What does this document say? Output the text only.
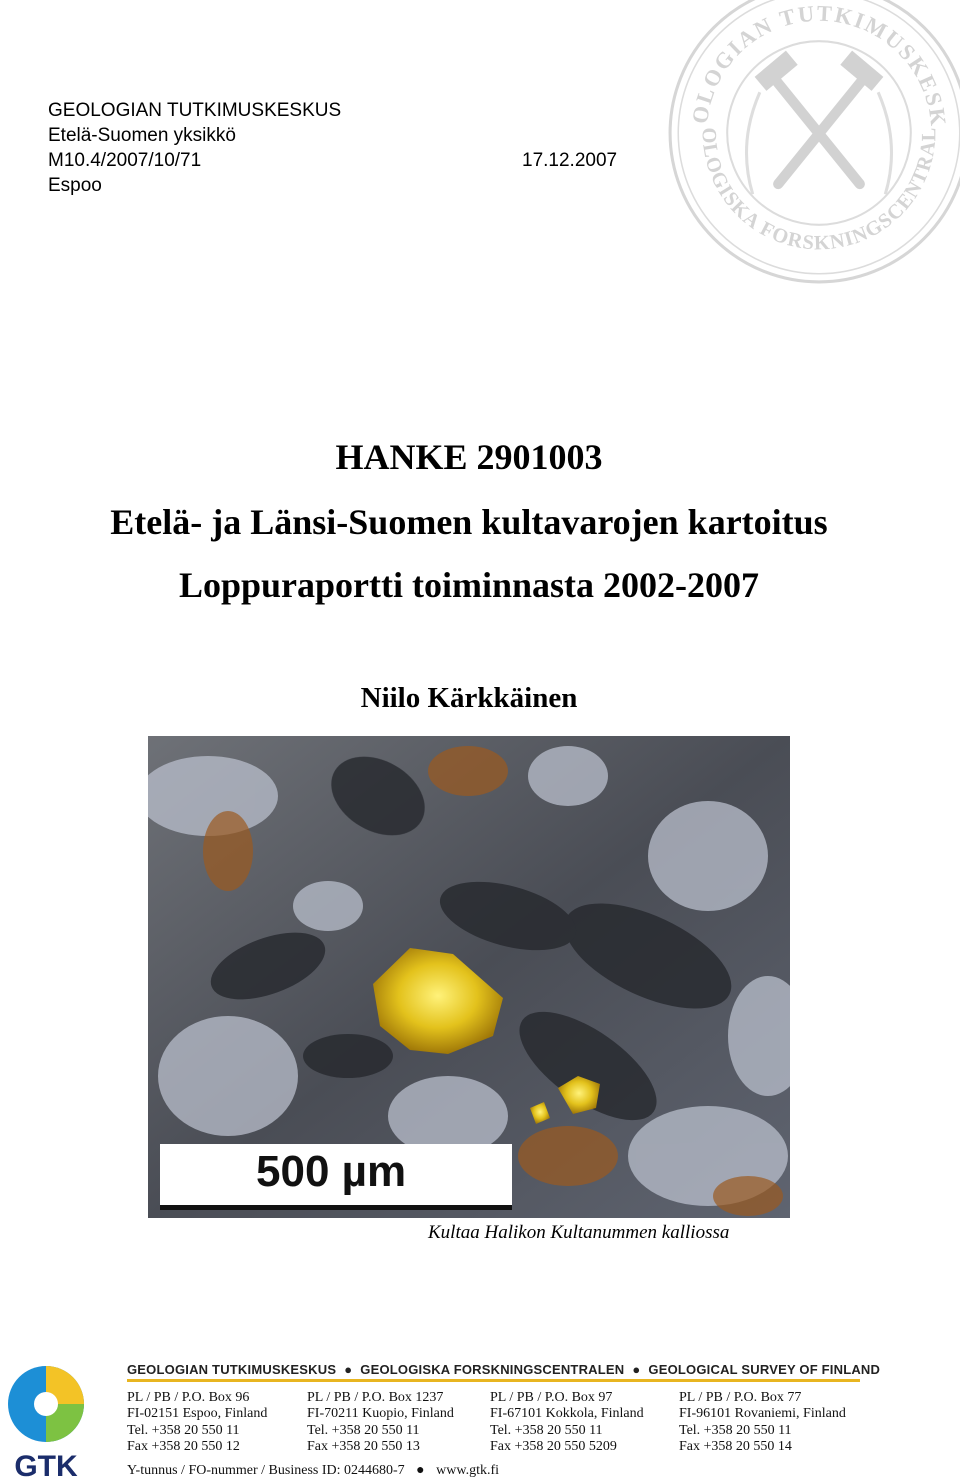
GEOLOGIAN TUTKIMUSKESKUS
Etelä-Suomen yksikkö
M10.4/2007/10/71	17.12.2007
Espoo
OLOGIAN TUTKIMUSKESK
OLOGISKA FORSKNINGSCENTRAL
HANKE 2901003
Etelä- ja Länsi-Suomen kultavarojen kartoitus
Loppuraportti toiminnasta 2002-2007
Niilo Kärkkäinen
500 µm
Kultaa Halikon Kultanummen kalliossa
GTK
GEOLOGIAN TUTKIMUSKESKUS ● GEOLOGISKA FORSKNINGSCENTRALEN ● GEOLOGICAL SURVEY OF FINLAND
PL / PB / P.O. Box 96
FI-02151 Espoo, Finland
Tel. +358 20 550 11
Fax +358 20 550 12
PL / PB / P.O. Box 1237
FI-70211 Kuopio, Finland
Tel. +358 20 550 11
Fax +358 20 550 13
PL / PB / P.O. Box 97
FI-67101 Kokkola, Finland
Tel. +358 20 550 11
Fax +358 20 550 5209
PL / PB / P.O. Box 77
FI-96101 Rovaniemi, Finland
Tel. +358 20 550 11
Fax +358 20 550 14
Y-tunnus / FO-nummer / Business ID: 0244680-7 ● www.gtk.fi
